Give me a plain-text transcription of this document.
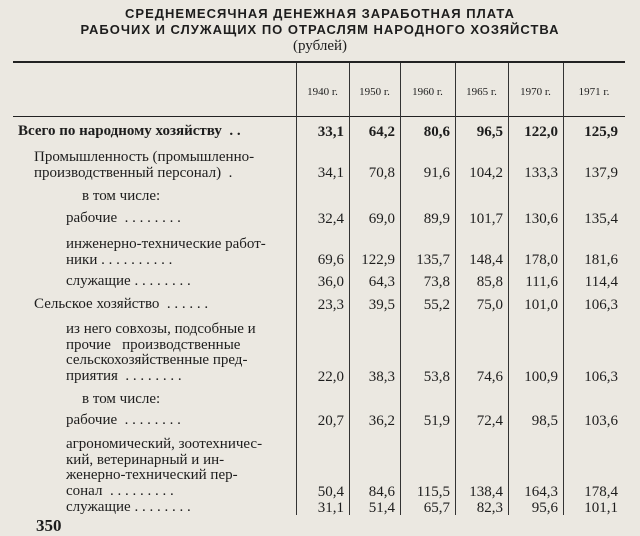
СРЕДНЕМЕСЯЧНАЯ ДЕНЕЖНАЯ ЗАРАБОТНАЯ ПЛАТА
РАБОЧИХ И СЛУЖАЩИХ ПО ОТРАСЛЯМ НАРОДНОГО ХОЗЯЙСТВА
(рублей)
1940 г.	1950 г.	1960 г.	1965 г.	1970 г.	1971 г.
Всего по народному хозяйству  . .	33,1 64,2 80,6 96,5 122,0 125,9
Промышленность (промышленно-
производственный персонал)  .	34,1 70,8 91,6 104,2 133,3 137,9
в том числе:
рабочие  . . . . . . . .	32,4 69,0 89,9 101,7 130,6 135,4
инженерно-технические работ-
ники . . . . . . . . . .	69,6 122,9 135,7 148,4 178,0 181,6
служащие . . . . . . . .	36,0 64,3 73,8 85,8 111,6 114,4
Сельское хозяйство  . . . . . .	23,3 39,5 55,2 75,0 101,0 106,3
из него совхозы, подсобные и
прочие   производственные
сельскохозяйственные пред-
приятия  . . . . . . . .	22,0 38,3 53,8 74,6 100,9 106,3
в том числе:
рабочие  . . . . . . . .	20,7 36,2 51,9 72,4 98,5 103,6
агрономический, зоотехничес-
кий, ветеринарный и ин-
женерно-технический пер-
сонал  . . . . . . . . .	50,4 84,6 115,5 138,4 164,3 178,4
служащие . . . . . . . .	31,1 51,4 65,7 82,3 95,6 101,1
350
